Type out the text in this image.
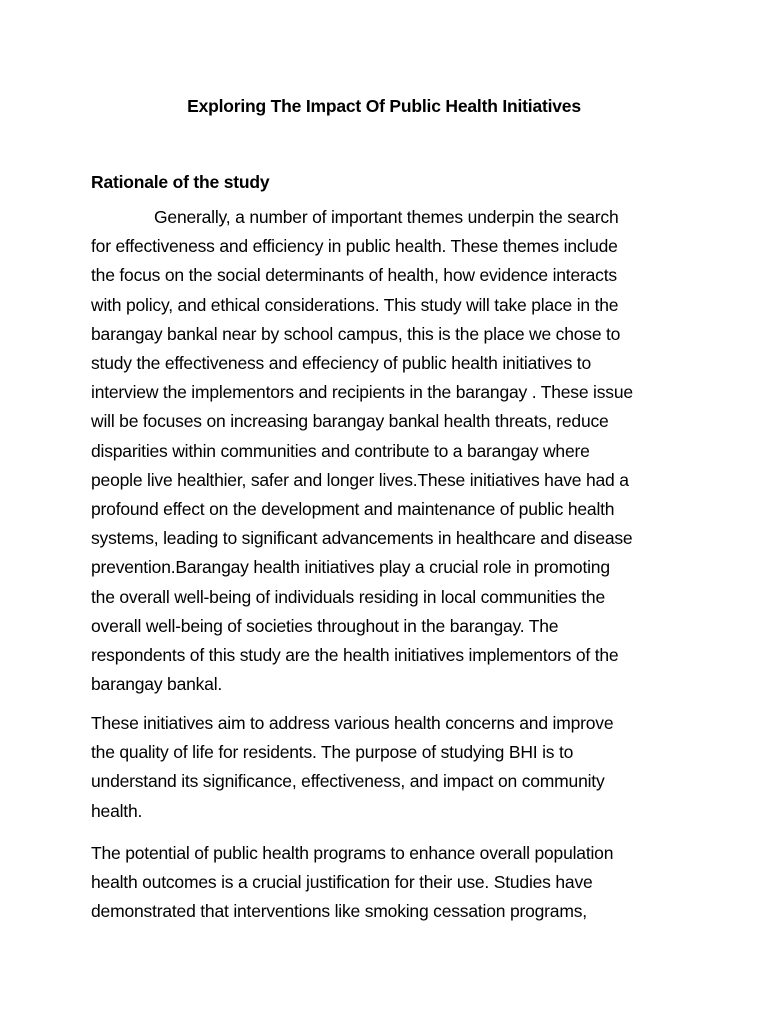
Exploring The Impact Of Public Health Initiatives
Rationale of the study

Generally, a number of important themes underpin the search
for effectiveness and efficiency in public health. These themes include
the focus on the social determinants of health, how evidence interacts
with policy, and ethical considerations. This study will take place in the
barangay bankal near by school campus, this is the place we chose to
study the effectiveness and effeciency of public health initiatives to
interview the implementors and recipients in the barangay . These issue
will be focuses on increasing barangay bankal health threats, reduce
disparities within communities and contribute to a barangay where
people live healthier, safer and longer lives.These initiatives have had a
profound effect on the development and maintenance of public health
systems, leading to significant advancements in healthcare and disease
prevention.Barangay health initiatives play a crucial role in promoting
the overall well-being of individuals residing in local communities the
overall well-being of societies throughout in the barangay. The
respondents of this study are the health initiatives implementors of the
barangay bankal.

These initiatives aim to address various health concerns and improve
the quality of life for residents. The purpose of studying BHI is to
understand its significance, effectiveness, and impact on community
health.

The potential of public health programs to enhance overall population
health outcomes is a crucial justification for their use. Studies have
demonstrated that interventions like smoking cessation programs,
